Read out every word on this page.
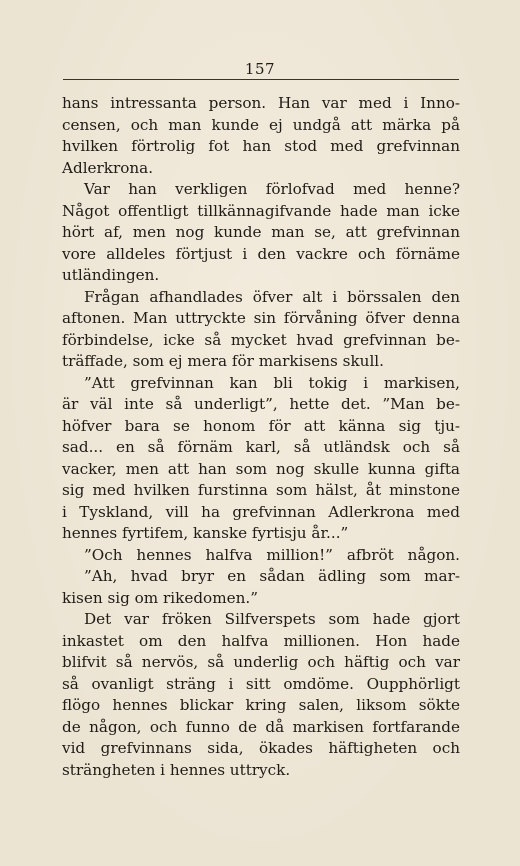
157
hans intressanta person. Han var med i Inno-
censen, och man kunde ej undgå att märka på
hvilken förtrolig fot han stod med grefvinnan
Adlerkrona.
Var han verkligen förlofvad med henne?
Något offentligt tillkännagifvande hade man icke
hört af, men nog kunde man se, att grefvinnan
vore alldeles förtjust i den vackre och förnäme
utländingen.
Frågan afhandlades öfver alt i börssalen den
aftonen. Man uttryckte sin förvåning öfver denna
förbindelse, icke så mycket hvad grefvinnan be-
träffade, som ej mera för markisens skull.
”Att grefvinnan kan bli tokig i markisen,
är väl inte så underligt”, hette det. ”Man be-
höfver bara se honom för att känna sig tju-
sad... en så förnäm karl, så utländsk och så
vacker, men att han som nog skulle kunna gifta
sig med hvilken furstinna som hälst, åt minstone
i Tyskland, vill ha grefvinnan Adlerkrona med
hennes fyrtifem, kanske fyrtisju år...”
”Och hennes halfva million!” afbröt någon.
”Ah, hvad bryr en sådan ädling som mar-
kisen sig om rikedomen.”
Det var fröken Silfverspets som hade gjort
inkastet om den halfva millionen. Hon hade
blifvit så nervös, så underlig och häftig och var
så ovanligt sträng i sitt omdöme. Oupphörligt
flögo hennes blickar kring salen, liksom sökte
de någon, och funno de då markisen fortfarande
vid grefvinnans sida, ökades häftigheten och
strängheten i hennes uttryck.
